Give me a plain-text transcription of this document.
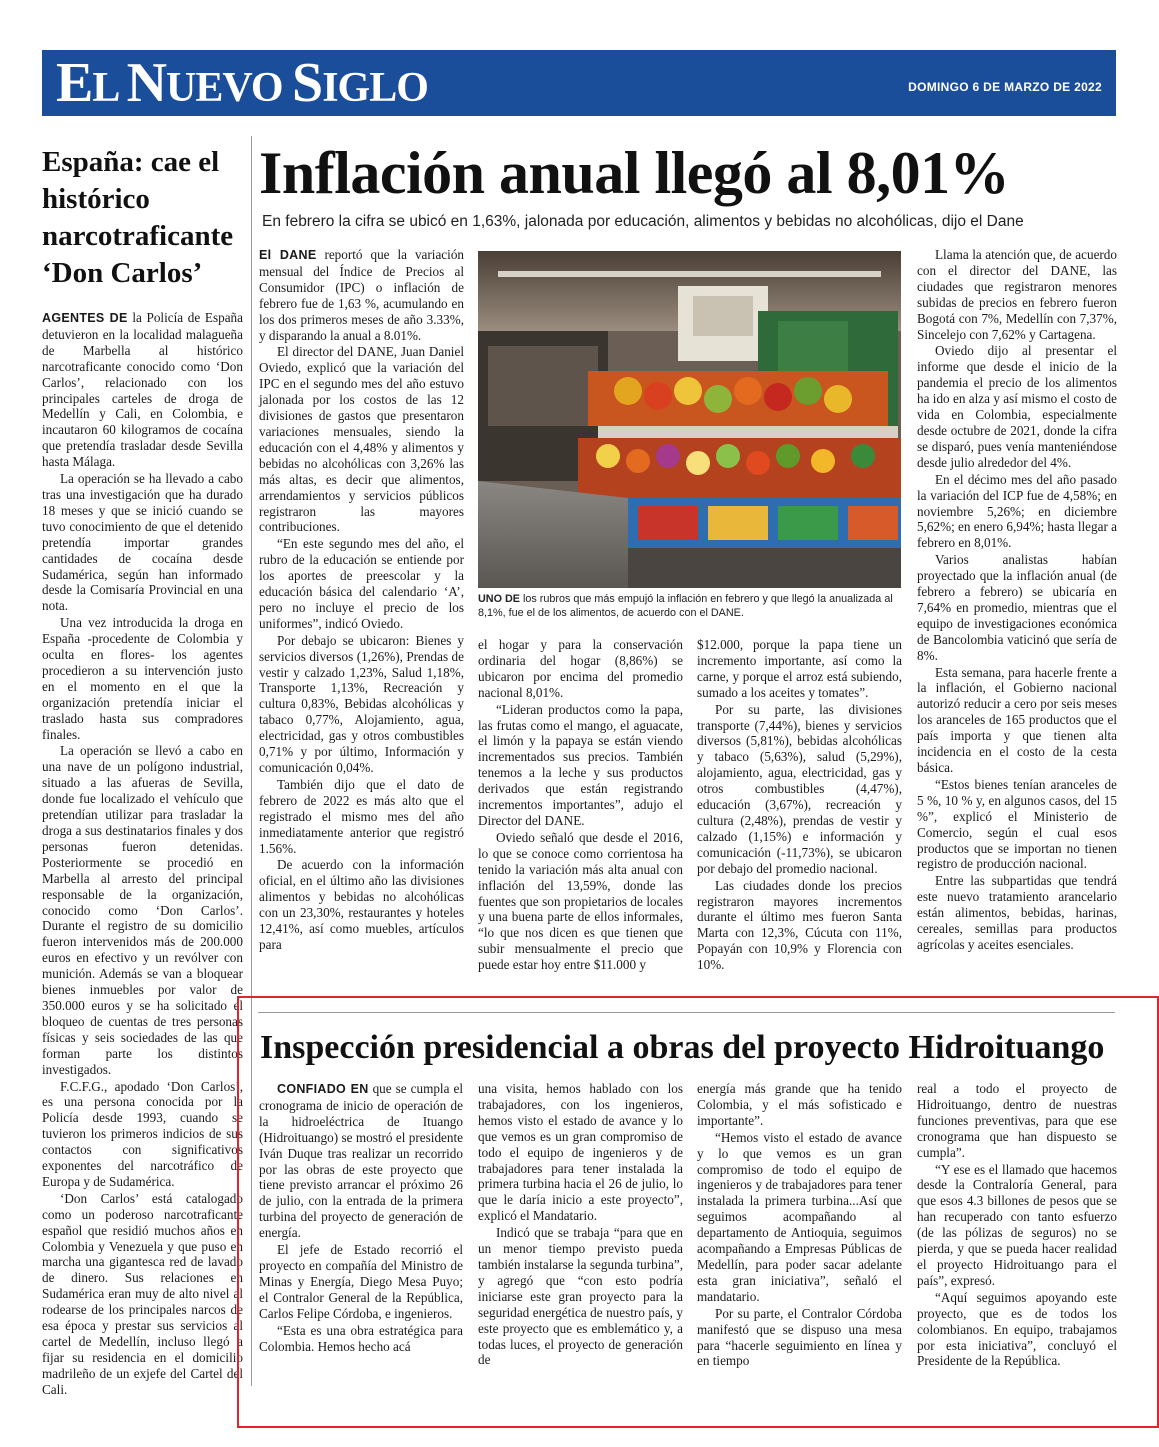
EL NUEVO SIGLO	DOMINGO 6 DE MARZO DE 2022
España: cae el histórico narcotraficante ‘Don Carlos’

AGENTES DE la Policía de España detuvieron en la localidad malagueña de Marbella al histórico narcotraficante conocido como ‘Don Carlos’, relacionado con los principales carteles de droga de Medellín y Cali, en Colombia, e incautaron 60 kilogramos de cocaína que pretendía trasladar desde Sevilla hasta Málaga.

La operación se ha llevado a cabo tras una investigación que ha durado 18 meses y que se inició cuando se tuvo conocimiento de que el detenido pretendía importar grandes cantidades de cocaína desde Sudamérica, según han informado desde la Comisaría Provincial en una nota.

Una vez introducida la droga en España -procedente de Colombia y oculta en flores- los agentes procedieron a su intervención justo en el momento en el que la organización pretendía iniciar el traslado hasta sus compradores finales.

La operación se llevó a cabo en una nave de un polígono industrial, situado a las afueras de Sevilla, donde fue localizado el vehículo que pretendían utilizar para trasladar la droga a sus destinatarios finales y dos personas fueron detenidas. Posteriormente se procedió en Marbella al arresto del principal responsable de la organización, conocido como ‘Don Carlos’. Durante el registro de su domicilio fueron intervenidos más de 200.000 euros en efectivo y un revólver con munición. Además se van a bloquear bienes inmuebles por valor de 350.000 euros y se ha solicitado el bloqueo de cuentas de tres personas físicas y seis sociedades de las que forman parte los distintos investigados.

F.C.F.G., apodado ‘Don Carlos’, es una persona conocida por la Policía desde 1993, cuando se tuvieron los primeros indicios de sus contactos con significativos exponentes del narcotráfico de Europa y de Sudamérica.

‘Don Carlos’ está catalogado como un poderoso narcotraficante español que residió muchos años en Colombia y Venezuela y que puso en marcha una gigantesca red de lavado de dinero. Sus relaciones en Sudamérica eran muy de alto nivel al rodearse de los principales narcos de esa época y prestar sus servicios al cartel de Medellín, incluso llegó a fijar su residencia en el domicilio madrileño de un exjefe del Cartel del Cali.

Inflación anual llegó al 8,01%
En febrero la cifra se ubicó en 1,63%, jalonada por educación, alimentos y bebidas no alcohólicas, dijo el Dane

El DANE reportó que la variación mensual del Índice de Precios al Consumidor (IPC) o inflación de febrero fue de 1,63 %, acumulando en los dos primeros meses de año 3.33%, y disparando la anual a 8.01%.

El director del DANE, Juan Daniel Oviedo, explicó que la variación del IPC en el segundo mes del año estuvo jalonada por los costos de las 12 divisiones de gastos que presentaron variaciones mensuales, siendo la educación con el 4,48% y alimentos y bebidas no alcohólicas con 3,26% las más altas, es decir que alimentos, arrendamientos y servicios públicos registraron las mayores contribuciones.

“En este segundo mes del año, el rubro de la educación se entiende por los aportes de preescolar y la educación básica del calendario ‘A’, pero no incluye el precio de los uniformes”, indicó Oviedo.

Por debajo se ubicaron: Bienes y servicios diversos (1,26%), Prendas de vestir y calzado 1,23%, Salud 1,18%, Transporte 1,13%, Recreación y cultura 0,83%, Bebidas alcohólicas y tabaco 0,77%, Alojamiento, agua, electricidad, gas y otros combustibles 0,71% y por último, Información y comunicación 0,04%.

También dijo que el dato de febrero de 2022 es más alto que el registrado el mismo mes del año inmediatamente anterior que registró 1.56%.

De acuerdo con la información oficial, en el último año las divisiones alimentos y bebidas no alcohólicas con un 23,30%, restaurantes y hoteles 12,41%, así como muebles, artículos para

UNO DE los rubros que más empujó la inflación en febrero y que llegó la anualizada al 8,1%, fue el de los alimentos, de acuerdo con el DANE.

el hogar y para la conservación ordinaria del hogar (8,86%) se ubicaron por encima del promedio nacional 8,01%.

“Lideran productos como la papa, las frutas como el mango, el aguacate, el limón y la papaya se están viendo incrementados sus precios. También tenemos a la leche y sus productos derivados que están registrando incrementos importantes”, adujo el Director del DANE.

Oviedo señaló que desde el 2016, lo que se conoce como corrientosa ha tenido la variación más alta anual con inflación del 13,59%, donde las fuentes que son propietarios de locales y una buena parte de ellos informales, “lo que nos dicen es que tienen que subir mensualmente el precio que puede estar hoy entre $11.000 y

$12.000, porque la papa tiene un incremento importante, así como la carne, y porque el arroz está subiendo, sumado a los aceites y tomates”.

Por su parte, las divisiones transporte (7,44%), bienes y servicios diversos (5,81%), bebidas alcohólicas y tabaco (5,63%), salud (5,29%), alojamiento, agua, electricidad, gas y otros combustibles (4,47%), educación (3,67%), recreación y cultura (2,48%), prendas de vestir y calzado (1,15%) e información y comunicación (-11,73%), se ubicaron por debajo del promedio nacional.

Las ciudades donde los precios registraron mayores incrementos durante el último mes fueron Santa Marta con 12,3%, Cúcuta con 11%, Popayán con 10,9% y Florencia con 10%.

Llama la atención que, de acuerdo con el director del DANE, las ciudades que registraron menores subidas de precios en febrero fueron Bogotá con 7%, Medellín con 7,37%, Sincelejo con 7,62% y Cartagena.

Oviedo dijo al presentar el informe que desde el inicio de la pandemia el precio de los alimentos ha ido en alza y así mismo el costo de vida en Colombia, especialmente desde octubre de 2021, donde la cifra se disparó, pues venía manteniéndose desde julio alrededor del 4%.

En el décimo mes del año pasado la variación del ICP fue de 4,58%; en noviembre 5,26%; en diciembre 5,62%; en enero 6,94%; hasta llegar a febrero en 8,01%.

Varios analistas habían proyectado que la inflación anual (de febrero a febrero) se ubicaría en 7,64% en promedio, mientras que el equipo de investigaciones económica de Bancolombia vaticinó que sería de 8%.

Esta semana, para hacerle frente a la inflación, el Gobierno nacional autorizó reducir a cero por seis meses los aranceles de 165 productos que el país importa y que tienen alta incidencia en el costo de la cesta básica.

“Estos bienes tenían aranceles de 5 %, 10 % y, en algunos casos, del 15 %”, explicó el Ministerio de Comercio, según el cual esos productos que se importan no tienen registro de producción nacional.

Entre las subpartidas que tendrá este nuevo tratamiento arancelario están alimentos, bebidas, harinas, cereales, semillas para productos agrícolas y aceites esenciales.

Inspección presidencial a obras del proyecto Hidroituango

CONFIADO EN que se cumpla el cronograma de inicio de operación de la hidroeléctrica de Ituango (Hidroituango) se mostró el presidente Iván Duque tras realizar un recorrido por las obras de este proyecto que tiene previsto arrancar el próximo 26 de julio, con la entrada de la primera turbina del proyecto de generación de energía.

El jefe de Estado recorrió el proyecto en compañía del Ministro de Minas y Energía, Diego Mesa Puyo; el Contralor General de la República, Carlos Felipe Córdoba, e ingenieros.

“Esta es una obra estratégica para Colombia. Hemos hecho acá

una visita, hemos hablado con los trabajadores, con los ingenieros, hemos visto el estado de avance y lo que vemos es un gran compromiso de todo el equipo de ingenieros y de trabajadores para tener instalada la primera turbina hacia el 26 de julio, lo que le daría inicio a este proyecto”, explicó el Mandatario.

Indicó que se trabaja “para que en un menor tiempo previsto pueda también instalarse la segunda turbina”, y agregó que “con esto podría iniciarse este gran proyecto para la seguridad energética de nuestro país, y este proyecto que es emblemático y, a todas luces, el proyecto de generación de

energía más grande que ha tenido Colombia, y el más sofisticado e importante”.

“Hemos visto el estado de avance y lo que vemos es un gran compromiso de todo el equipo de ingenieros y de trabajadores para tener instalada la primera turbina...Así que seguimos acompañando al departamento de Antioquia, seguimos acompañando a Empresas Públicas de Medellín, para poder sacar adelante esta gran iniciativa”, señaló el mandatario.

Por su parte, el Contralor Córdoba manifestó que se dispuso una mesa para “hacerle seguimiento en línea y en tiempo

real a todo el proyecto de Hidroituango, dentro de nuestras funciones preventivas, para que ese cronograma que han dispuesto se cumpla”.

“Y ese es el llamado que hacemos desde la Contraloría General, para que esos 4.3 billones de pesos que se han recuperado con tanto esfuerzo (de las pólizas de seguros) no se pierda, y que se pueda hacer realidad el proyecto Hidroituango para el país”, expresó.

“Aquí seguimos apoyando este proyecto, que es de todos los colombianos. En equipo, trabajamos por esta iniciativa”, concluyó el Presidente de la República.
